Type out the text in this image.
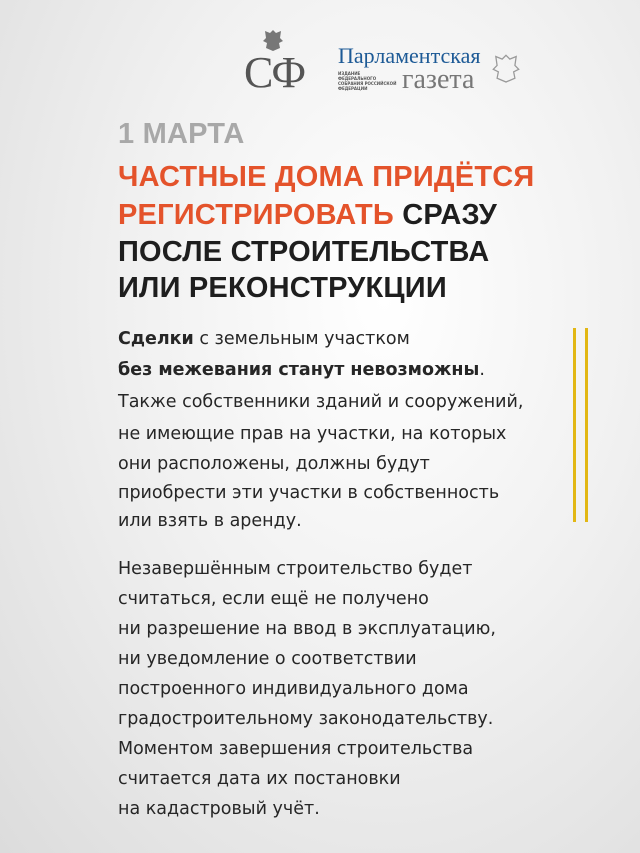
СФ Парламентская
газета
ИЗДАНИЕ ФЕДЕРАЛЬНОГО СОБРАНИЯ РОССИЙСКОЙ ФЕДЕРАЦИИ
1 МАРТА
ЧАСТНЫЕ ДОМА ПРИДЁТСЯ
РЕГИСТРИРОВАТЬ СРАЗУ
ПОСЛЕ СТРОИТЕЛЬСТВА
ИЛИ РЕКОНСТРУКЦИИ
Сделки с земельным участком
без межевания станут невозможны.
Также собственники зданий и сооружений,
не имеющие прав на участки, на которых
они расположены, должны будут
приобрести эти участки в собственность
или взять в аренду.
Незавершённым строительство будет
считаться, если ещё не получено
ни разрешение на ввод в эксплуатацию,
ни уведомление о соответствии
построенного индивидуального дома
градостроительному законодательству.
Моментом завершения строительства
считается дата их постановки
на кадастровый учёт.
